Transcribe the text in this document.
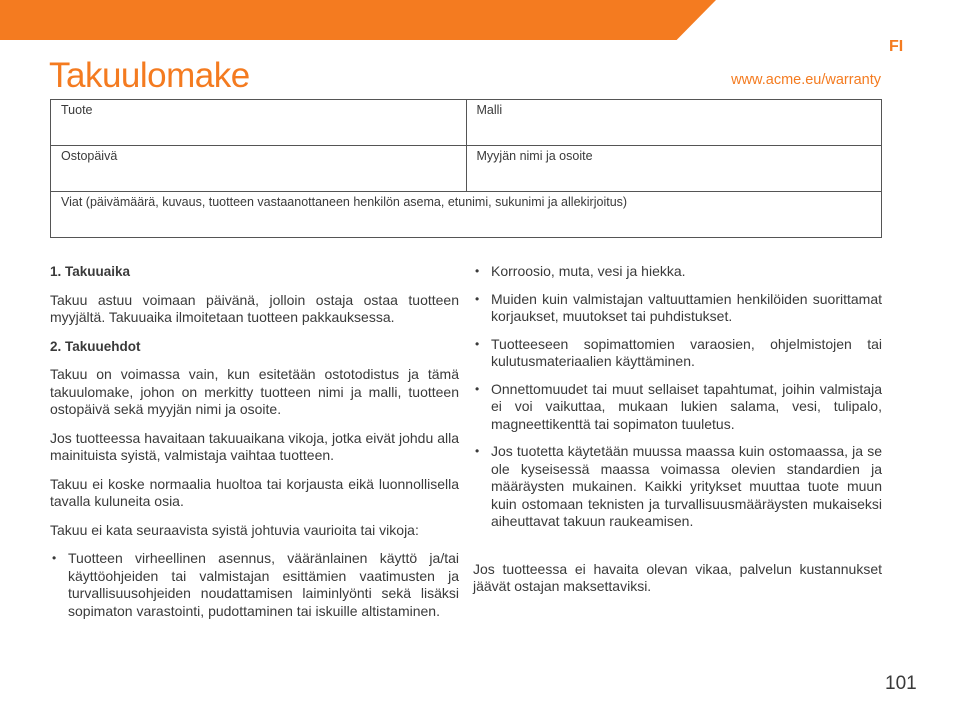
FI
Takuulomake	www.acme.eu/warranty
Tuote	Malli
Ostopäivä	Myyjän nimi ja osoite
Viat (päivämäärä, kuvaus, tuotteen vastaanottaneen henkilön asema, etunimi, sukunimi ja allekirjoitus)	
1. Takuuaika

Takuu astuu voimaan päivänä, jolloin ostaja ostaa tuotteen myyjältä. Takuuaika ilmoitetaan tuotteen pakkauksessa.

2. Takuuehdot

Takuu on voimassa vain, kun esitetään ostotodistus ja tämä takuulomake, johon on merkitty tuotteen nimi ja malli, tuotteen ostopäivä sekä myyjän nimi ja osoite.

Jos tuotteessa havaitaan takuuaikana vikoja, jotka eivät johdu alla mainituista syistä, valmistaja vaihtaa tuotteen.

Takuu ei koske normaalia huoltoa tai korjausta eikä luonnollisella tavalla kuluneita osia.

Takuu ei kata seuraavista syistä johtuvia vaurioita tai vikoja:

• Tuotteen virheellinen asennus, vääränlainen käyttö ja/tai käyttöohjeiden tai valmistajan esittämien vaatimusten ja turvallisuusohjeiden noudattamisen laiminlyönti sekä lisäksi sopimaton varastointi, pudottaminen tai iskuille altistaminen.
• Korroosio, muta, vesi ja hiekka.
• Muiden kuin valmistajan valtuuttamien henkilöiden suorittamat korjaukset, muutokset tai puhdistukset.
• Tuotteeseen sopimattomien varaosien, ohjelmistojen tai kulutusmateriaalien käyttäminen.
• Onnettomuudet tai muut sellaiset tapahtumat, joihin valmistaja ei voi vaikuttaa, mukaan lukien salama, vesi, tulipalo, magneettikenttä tai sopimaton tuuletus.
• Jos tuotetta käytetään muussa maassa kuin ostomaassa, ja se ole kyseisessä maassa voimassa olevien standardien ja määräysten mukainen. Kaikki yritykset muuttaa tuote muun kuin ostomaan teknisten ja turvallisuusmääräysten mukaiseksi aiheuttavat takuun raukeamisen.

Jos tuotteessa ei havaita olevan vikaa, palvelun kustannukset jäävät ostajan maksettaviksi.

101
